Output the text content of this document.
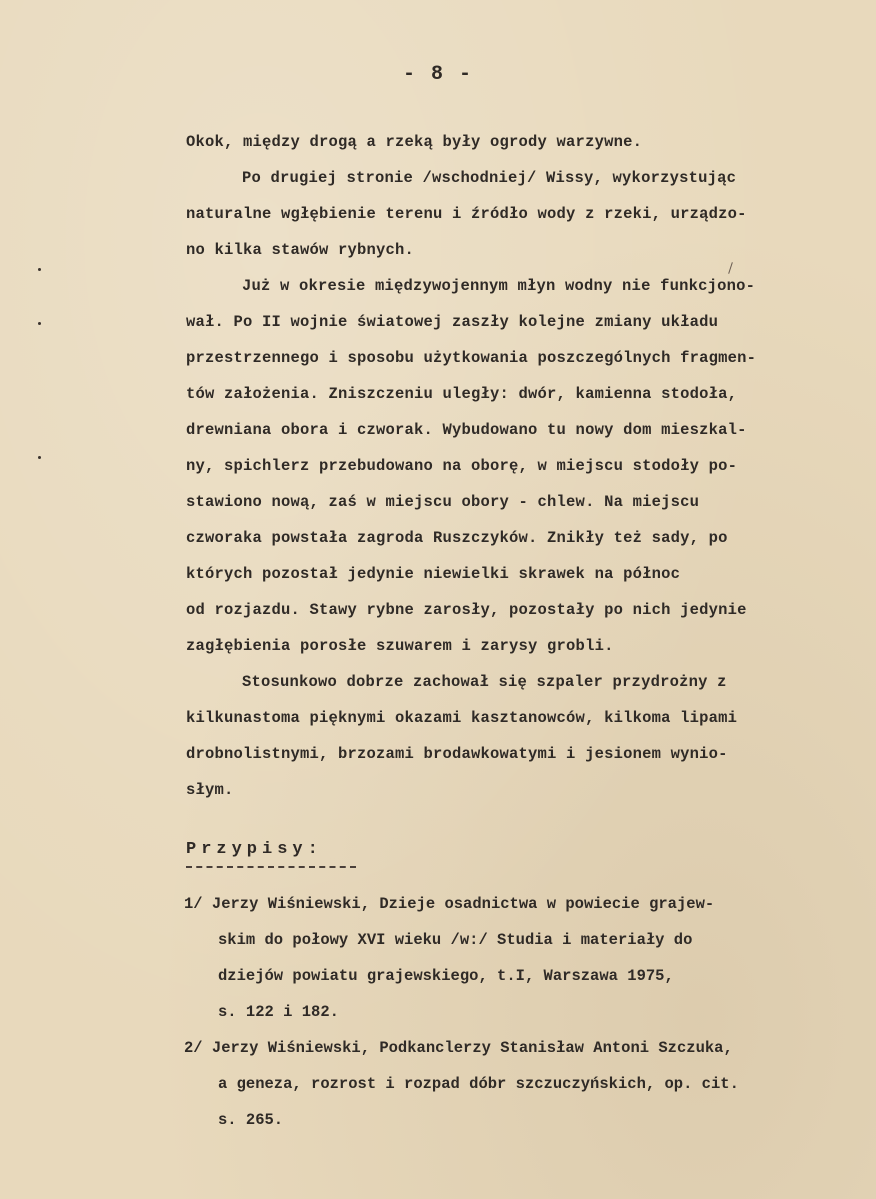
- 8 -
Okok, między drogą a rzeką były ogrody warzywne.
Po drugiej stronie /wschodniej/ Wissy, wykorzystując
naturalne wgłębienie terenu i źródło wody z rzeki, urządzo-
no kilka stawów rybnych.
Już w okresie międzywojennym młyn wodny nie funkcjono-
wał. Po II wojnie światowej zaszły kolejne zmiany układu
przestrzennego i sposobu użytkowania poszczególnych fragmen-
tów założenia. Zniszczeniu uległy: dwór, kamienna stodoła,
drewniana obora i czworak. Wybudowano tu nowy dom mieszkal-
ny, spichlerz przebudowano na oborę, w miejscu stodoły po-
stawiono nową, zaś w miejscu obory - chlew. Na miejscu
czworaka powstała zagroda Ruszczyków. Znikły też sady, po
których pozostał jedynie niewielki skrawek na północ
od rozjazdu. Stawy rybne zarosły, pozostały po nich jedynie
zagłębienia porosłe szuwarem i zarysy grobli.
Stosunkowo dobrze zachował się szpaler przydrożny z
kilkunastoma pięknymi okazami kasztanowców, kilkoma lipami
drobnolistnymi, brzozami brodawkowatymi i jesionem wynio-
słym.
Przypisy:
1/ Jerzy Wiśniewski, Dzieje osadnictwa w powiecie grajew-
skim do połowy XVI wieku /w:/ Studia i materiały do
dziejów powiatu grajewskiego, t.I, Warszawa 1975,
s. 122 i 182.
2/ Jerzy Wiśniewski, Podkanclerzy Stanisław Antoni Szczuka,
a geneza, rozrost i rozpad dóbr szczuczyńskich, op. cit.
s. 265.
